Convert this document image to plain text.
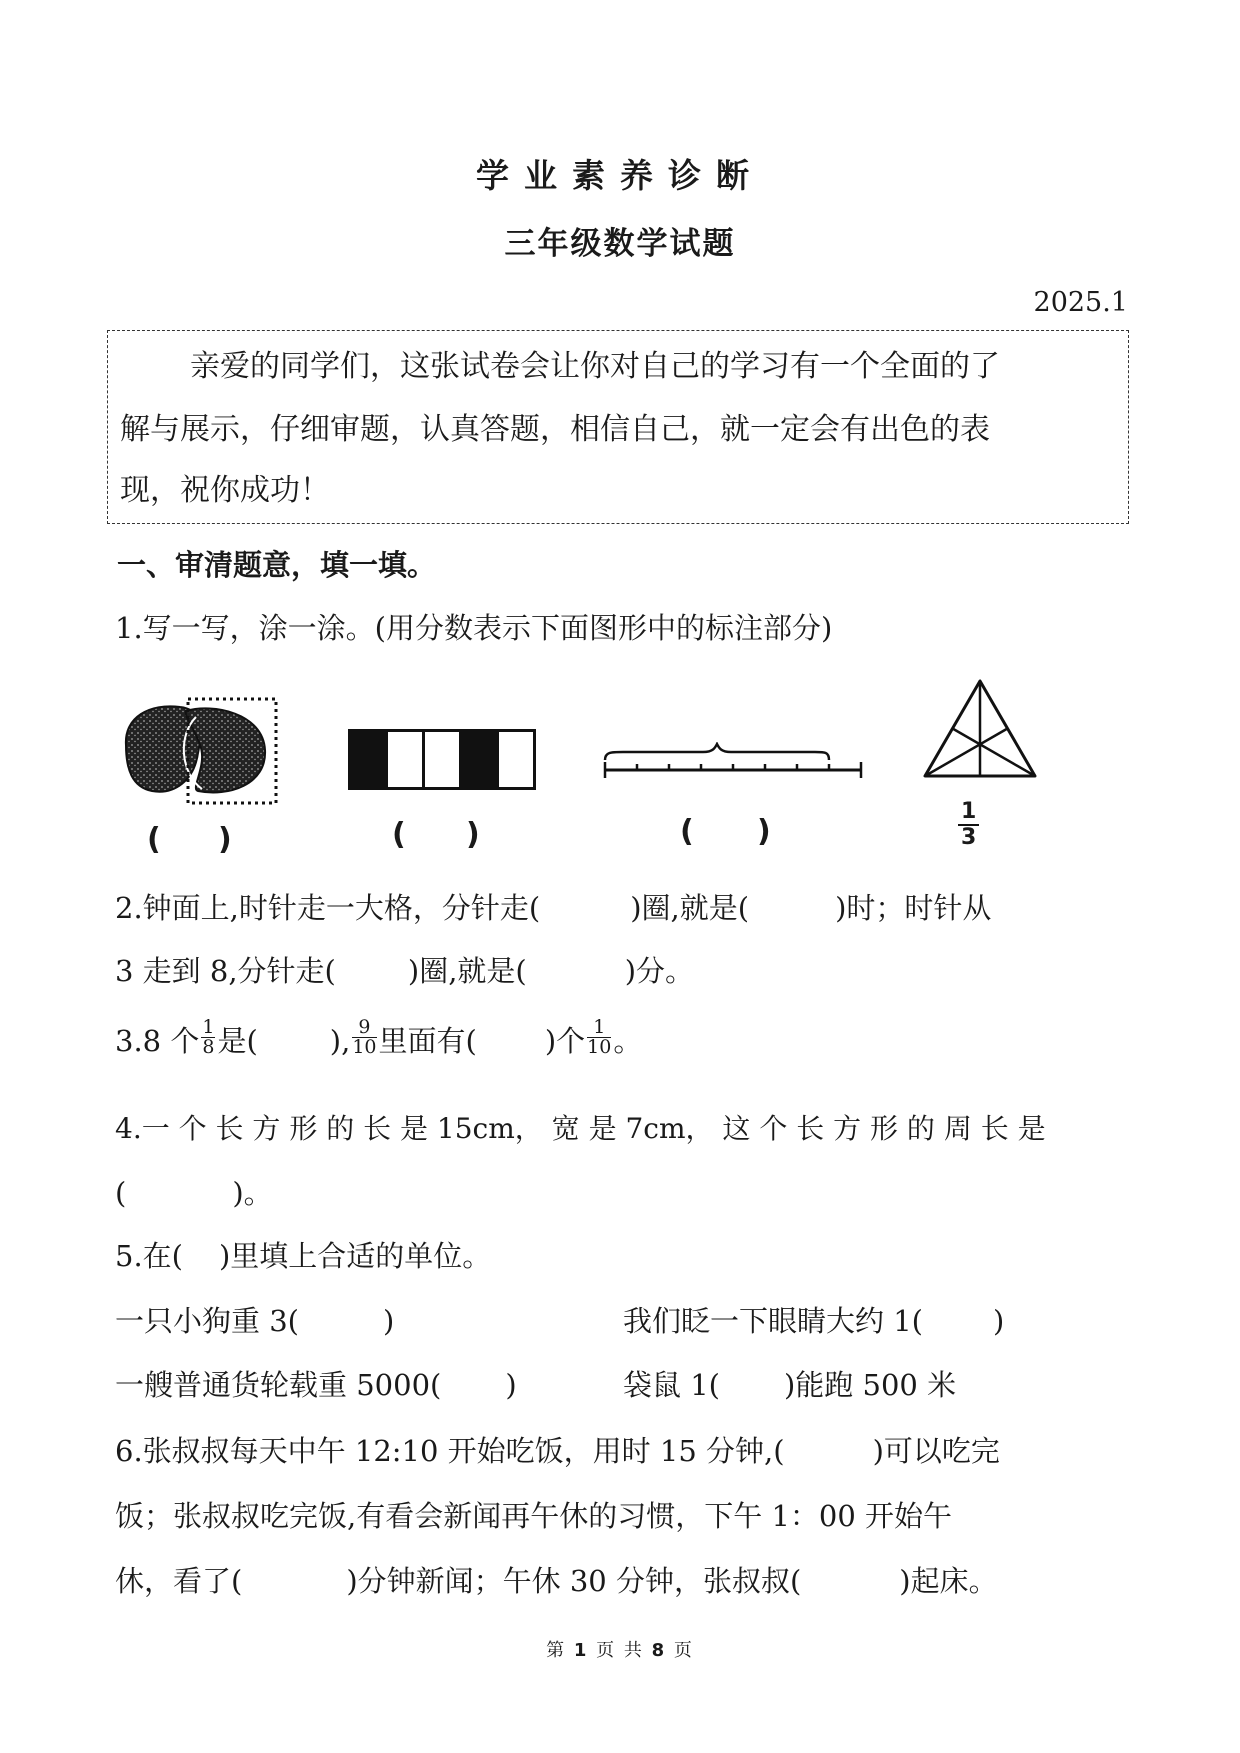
学业素养诊断
三年级数学试题
2025.1
亲爱的同学们，这张试卷会让你对自己的学习有一个全面的了
解与展示，仔细审题，认真答题，相信自己，就一定会有出色的表
现，祝你成功！
一、审清题意，填一填。
1.写一写，涂一涂。(用分数表示下面图形中的标注部分)
( )	( )	( )	$\frac{1}{3}$
2.钟面上,时针走一大格，分针走(	)圈,就是(	)时；时针从
3 走到 8,分针走( )圈,就是(	)分。
3.8 个 $\frac{1}{8}$ 是( ), $\frac{9}{10}$ 里面有( )个 $\frac{1}{10}$ 。
4.一 个 长 方 形 的 长 是 15cm， 宽 是 7cm， 这 个 长 方 形 的 周 长 是
(	)。
5.在( )里填上合适的单位。
一只小狗重 3(	)	我们眨一下眼睛大约 1( )
一艘普通货轮载重 5000( )	袋鼠 1( )能跑 500 米
6.张叔叔每天中午 12:10 开始吃饭，用时 15 分钟,(	)可以吃完
饭；张叔叔吃完饭,有看会新闻再午休的习惯，下午 1：00 开始午
休，看了(	)分钟新闻；午休 30 分钟，张叔叔(	)起床。
第 1 页 共 8 页
